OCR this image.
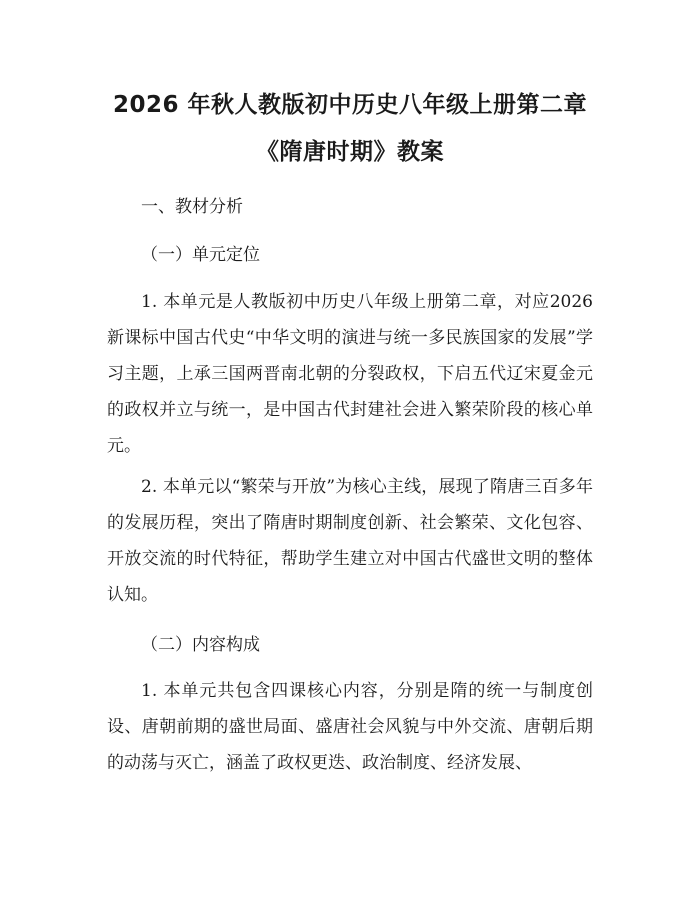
2026 年秋人教版初中历史八年级上册第二章
《隋唐时期》教案
一、教材分析
（一）单元定位
1. 本单元是人教版初中历史八年级上册第二章，对应2026 新课标中国古代史“中华文明的演进与统一多民族国家的发展”学习主题，上承三国两晋南北朝的分裂政权，下启五代辽宋夏金元的政权并立与统一，是中国古代封建社会进入繁荣阶段的核心单元。
2. 本单元以“繁荣与开放”为核心主线，展现了隋唐三百多年的发展历程，突出了隋唐时期制度创新、社会繁荣、文化包容、开放交流的时代特征，帮助学生建立对中国古代盛世文明的整体认知。
（二）内容构成
1. 本单元共包含四课核心内容，分别是隋的统一与制度创设、唐朝前期的盛世局面、盛唐社会风貌与中外交流、唐朝后期的动荡与灭亡，涵盖了政权更迭、政治制度、经济发展、
